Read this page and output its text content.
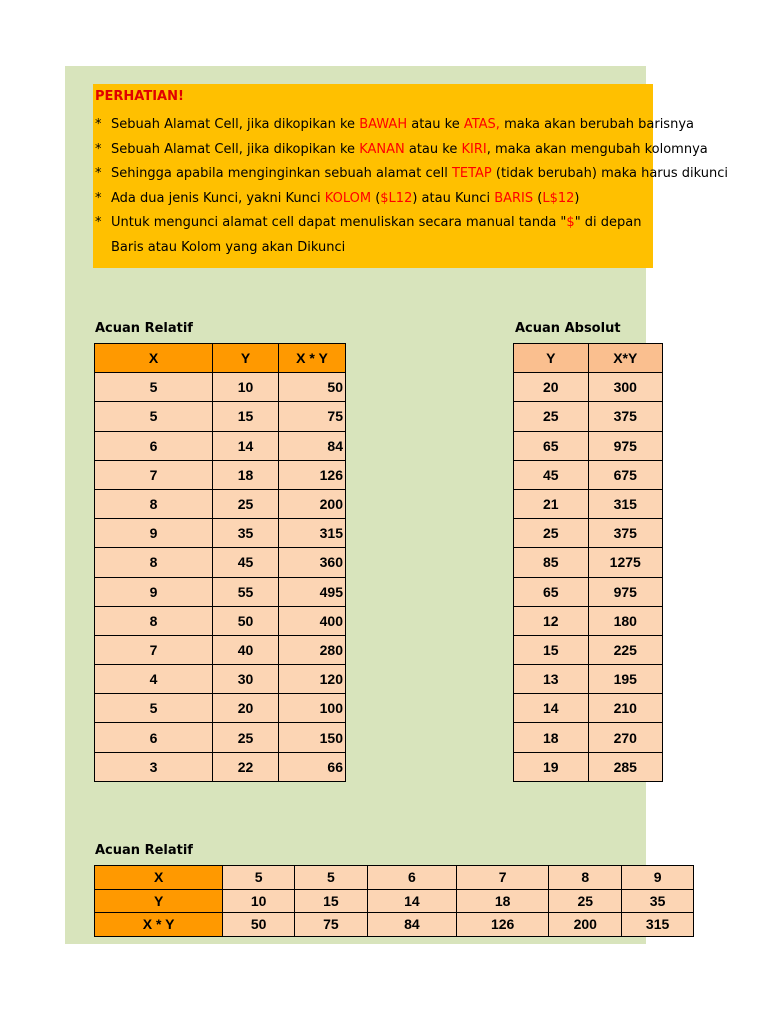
PERHATIAN!
* Sebuah Alamat Cell, jika dikopikan ke BAWAH atau ke ATAS, maka akan berubah barisnya
* Sebuah Alamat Cell, jika dikopikan ke KANAN atau ke KIRI, maka akan mengubah kolomnya
* Sehingga apabila menginginkan sebuah alamat cell TETAP (tidak berubah) maka harus dikunci
* Ada dua jenis Kunci, yakni Kunci KOLOM ($L12) atau Kunci BARIS (L$12)
* Untuk mengunci alamat cell dapat menuliskan secara manual tanda "$" di depan
Baris atau Kolom yang akan Dikunci
Acuan Relatif
X	Y	X * Y
5	10	50
5	15	75
6	14	84
7	18	126
8	25	200
9	35	315
8	45	360
9	55	495
8	50	400
7	40	280
4	30	120
5	20	100
6	25	150
3	22	66
Acuan Absolut
Y	X*Y
20	300
25	375
65	975
45	675
21	315
25	375
85	1275
65	975
12	180
15	225
13	195
14	210
18	270
19	285
Acuan Relatif
X	5	5	6	7	8	9
Y	10	15	14	18	25	35
X * Y	50	75	84	126	200	315
